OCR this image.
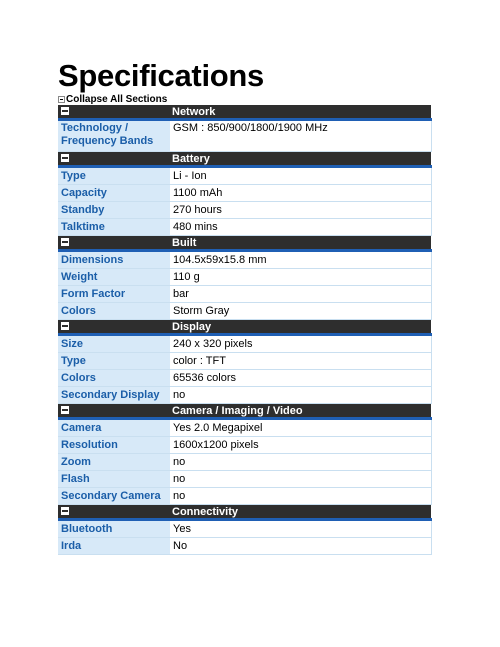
Specifications
Collapse All Sections
	Network
Technology / Frequency Bands	GSM : 850/900/1800/1900 MHz

	Battery
Type	Li - Ion
Capacity	1100 mAh
Standby	270 hours
Talktime	480 mins

	Built
Dimensions	104.5x59x15.8 mm
Weight	110 g
Form Factor	bar
Colors	Storm Gray

	Display
Size	240 x 320 pixels
Type	color : TFT
Colors	65536 colors
Secondary Display	no

	Camera / Imaging / Video
Camera	Yes 2.0 Megapixel
Resolution	1600x1200 pixels
Zoom	no
Flash	no
Secondary Camera	no

	Connectivity
Bluetooth	Yes
Irda	No
